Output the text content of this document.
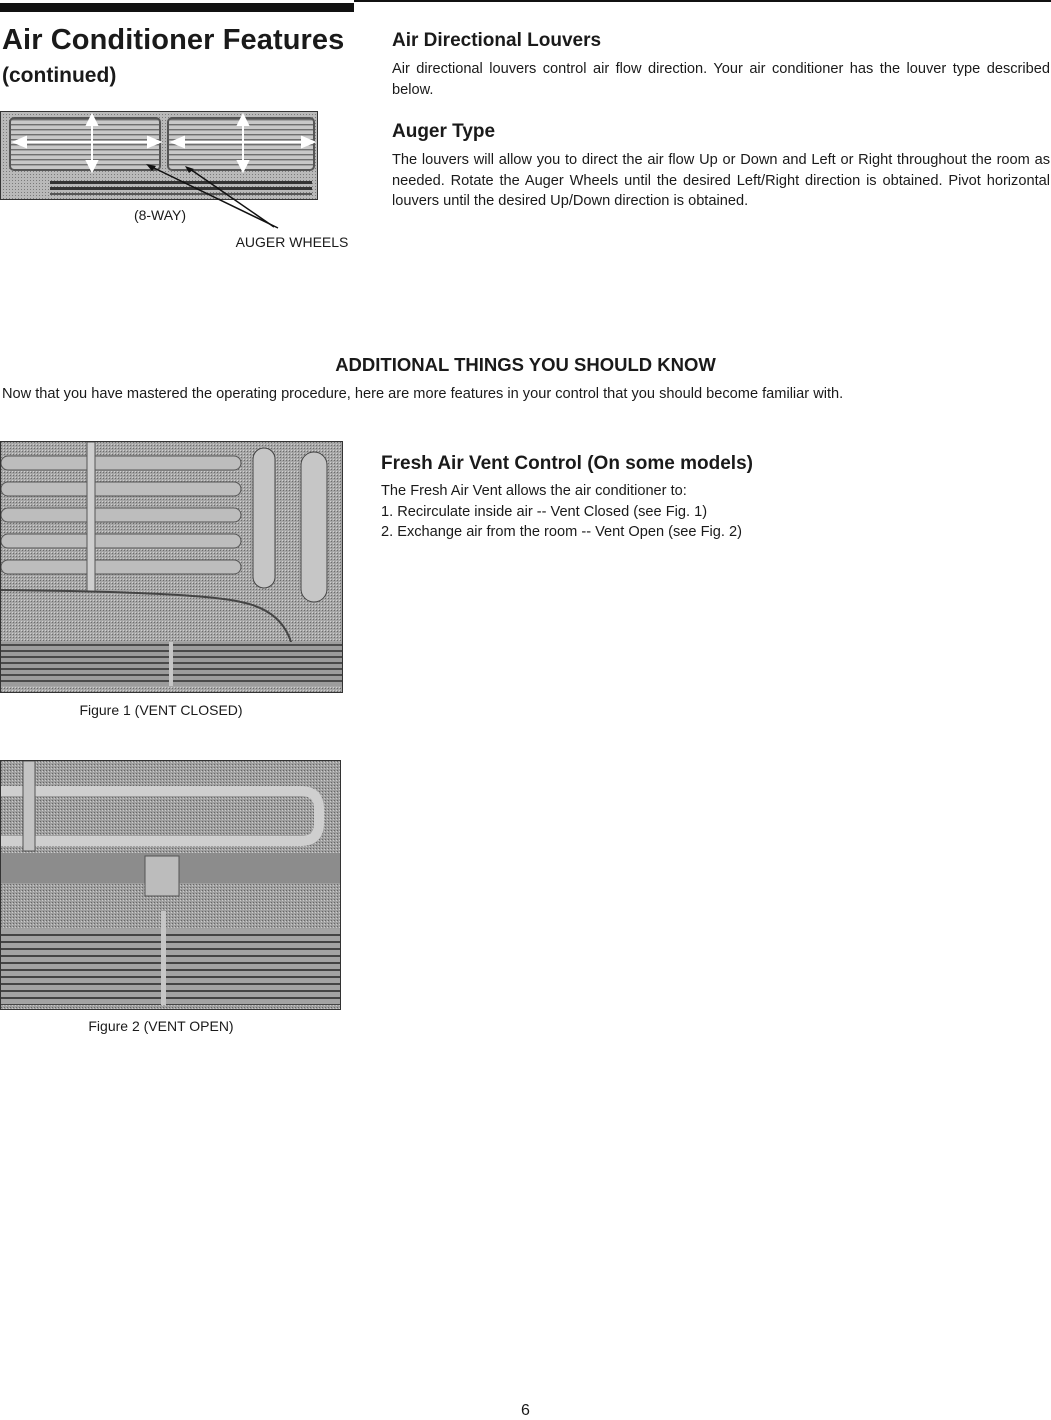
Air Conditioner Features
(continued)
(8-WAY)
AUGER WHEELS
Air Directional Louvers
Air directional louvers control air flow direction. Your air conditioner has the louver type described below.
Auger Type
The louvers will allow you to direct the air flow Up or Down and Left or Right throughout the room as needed. Rotate the Auger Wheels until the desired Left/Right direction is obtained. Pivot horizontal louvers until the desired Up/Down direction is obtained.
ADDITIONAL THINGS YOU SHOULD KNOW
Now that you have mastered the operating procedure, here are more features in your control that you should become familiar with.
Figure 1 (VENT CLOSED)
Figure 2 (VENT OPEN)
Fresh Air Vent Control (On some models)
The Fresh Air Vent allows the air conditioner to:
1. Recirculate inside air -- Vent Closed (see Fig. 1)
2. Exchange air from the room -- Vent Open (see Fig. 2)
6
